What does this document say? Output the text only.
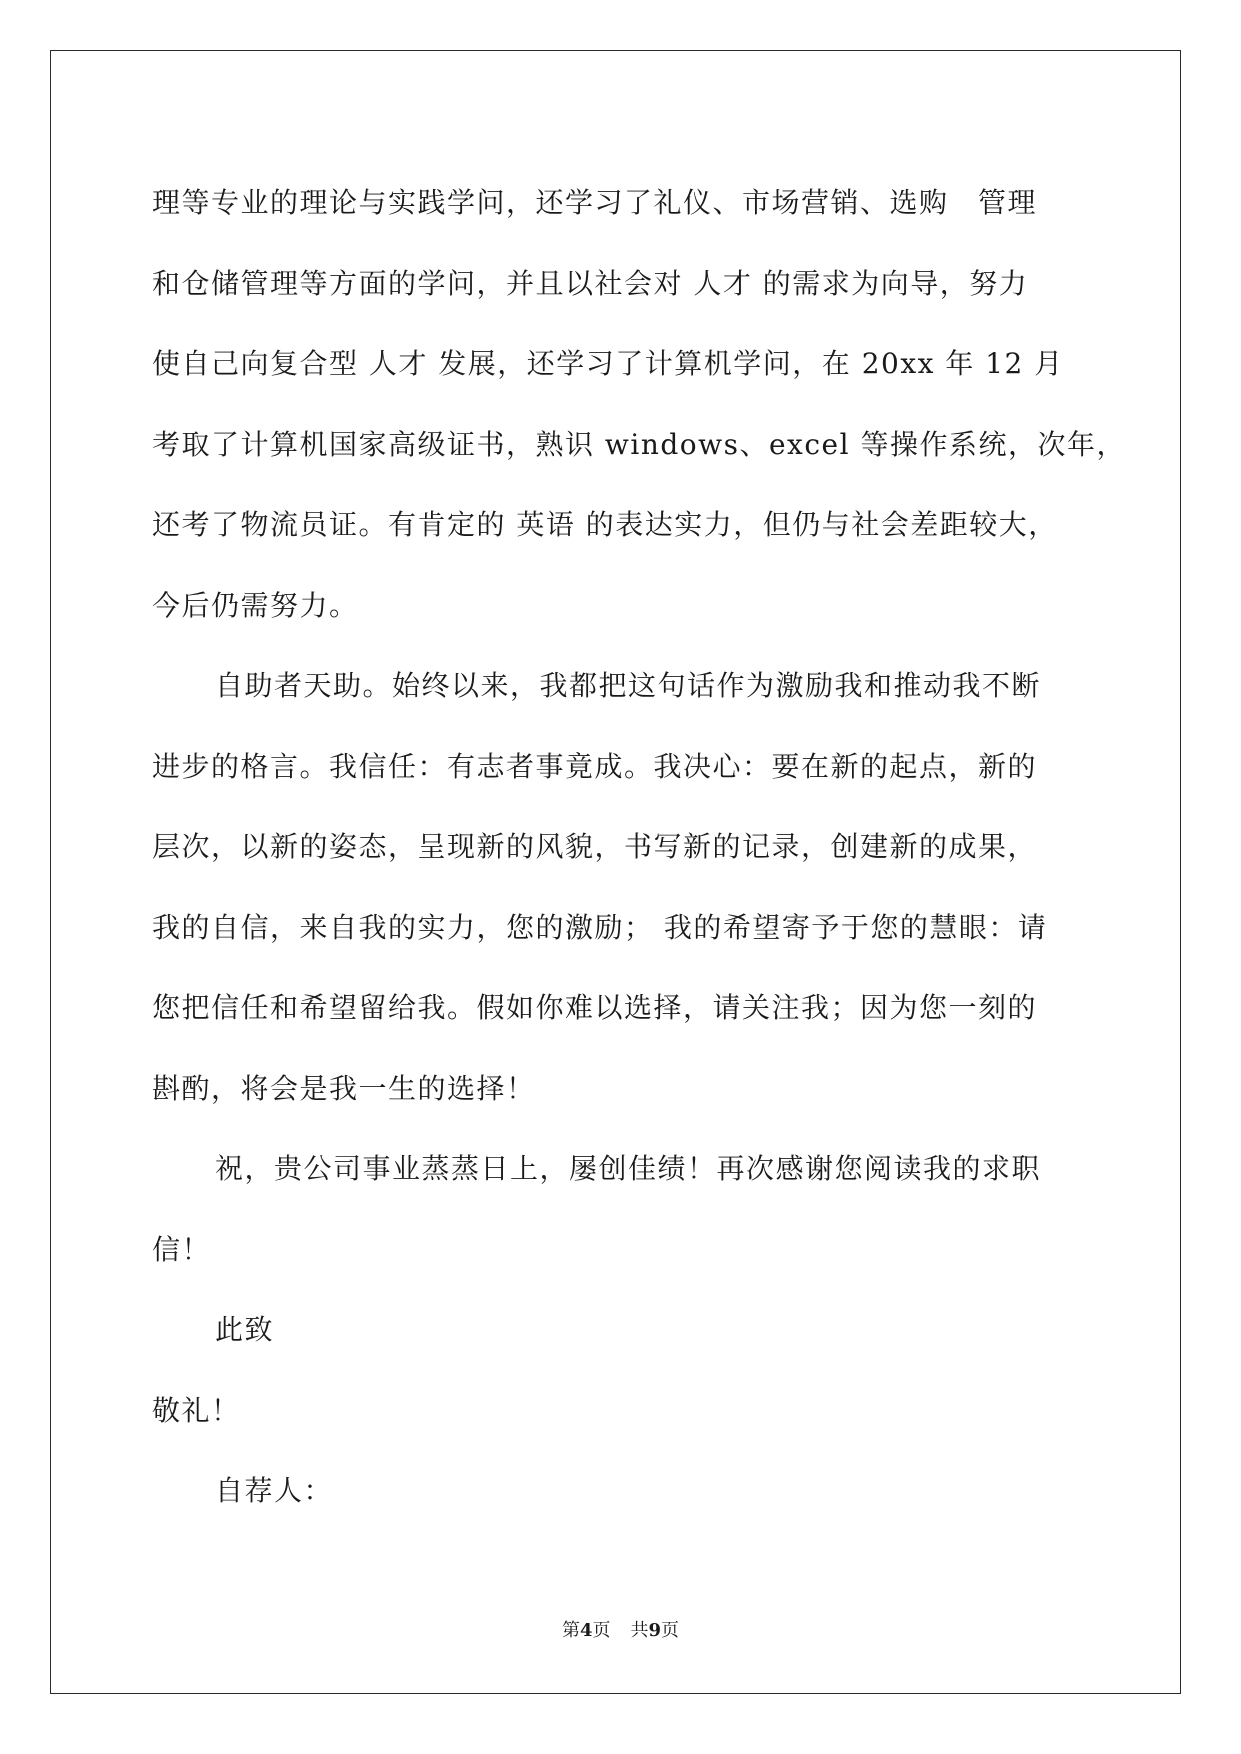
理等专业的理论与实践学问，还学习了礼仪、市场营销、选购　管理
和仓储管理等方面的学问，并且以社会对 人才 的需求为向导，努力
使自己向复合型 人才 发展，还学习了计算机学问，在 20xx 年 12 月
考取了计算机国家高级证书，熟识 windows、excel 等操作系统，次年，
还考了物流员证。有肯定的 英语 的表达实力，但仍与社会差距较大，
今后仍需努力。
自助者天助。始终以来，我都把这句话作为激励我和推动我不断
进步的格言。我信任：有志者事竟成。我决心：要在新的起点，新的
层次，以新的姿态，呈现新的风貌，书写新的记录，创建新的成果，
我的自信，来自我的实力，您的激励； 我的希望寄予于您的慧眼：请
您把信任和希望留给我。假如你难以选择，请关注我；因为您一刻的
斟酌，将会是我一生的选择！
祝，贵公司事业蒸蒸日上，屡创佳绩！再次感谢您阅读我的求职
信！
此致
敬礼！
自荐人：
第4页 共9页
